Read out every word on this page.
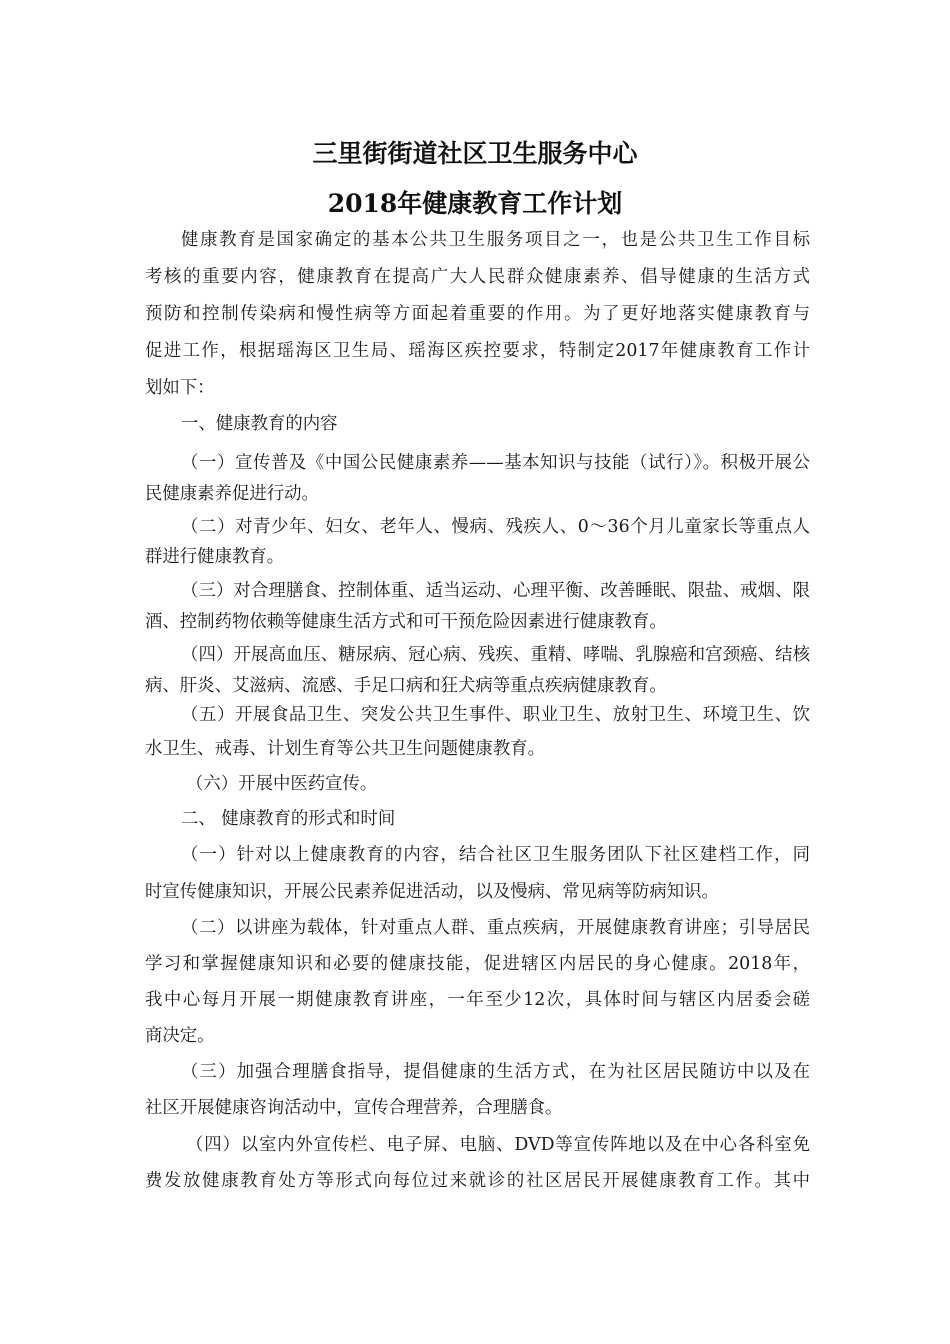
三里街街道社区卫生服务中心
2018年健康教育工作计划
健康教育是国家确定的基本公共卫生服务项目之一，也是公共卫生工作目标
考核的重要内容，健康教育在提高广大人民群众健康素养、倡导健康的生活方式
预防和控制传染病和慢性病等方面起着重要的作用。为了更好地落实健康教育与
促进工作，根据瑶海区卫生局、瑶海区疾控要求，特制定2017年健康教育工作计
划如下：
一、健康教育的内容
（一）宣传普及《中国公民健康素养——基本知识与技能（试行）》。积极开展公
民健康素养促进行动。
（二）对青少年、妇女、老年人、慢病、残疾人、0～36个月儿童家长等重点人
群进行健康教育。
（三）对合理膳食、控制体重、适当运动、心理平衡、改善睡眠、限盐、戒烟、限
酒、控制药物依赖等健康生活方式和可干预危险因素进行健康教育。
（四）开展高血压、糖尿病、冠心病、残疾、重精、哮喘、乳腺癌和宫颈癌、结核
病、肝炎、艾滋病、流感、手足口病和狂犬病等重点疾病健康教育。
（五）开展食品卫生、突发公共卫生事件、职业卫生、放射卫生、环境卫生、饮
水卫生、戒毒、计划生育等公共卫生问题健康教育。
（六）开展中医药宣传。
二、 健康教育的形式和时间
（一）针对以上健康教育的内容，结合社区卫生服务团队下社区建档工作，同
时宣传健康知识，开展公民素养促进活动，以及慢病、常见病等防病知识。
（二）以讲座为载体，针对重点人群、重点疾病，开展健康教育讲座；引导居民
学习和掌握健康知识和必要的健康技能，促进辖区内居民的身心健康。2018年，
我中心每月开展一期健康教育讲座，一年至少12次，具体时间与辖区内居委会磋
商决定。
（三）加强合理膳食指导，提倡健康的生活方式，在为社区居民随访中以及在
社区开展健康咨询活动中，宣传合理营养，合理膳食。
（四）以室内外宣传栏、电子屏、电脑、DVD等宣传阵地以及在中心各科室免
费发放健康教育处方等形式向每位过来就诊的社区居民开展健康教育工作。其中
